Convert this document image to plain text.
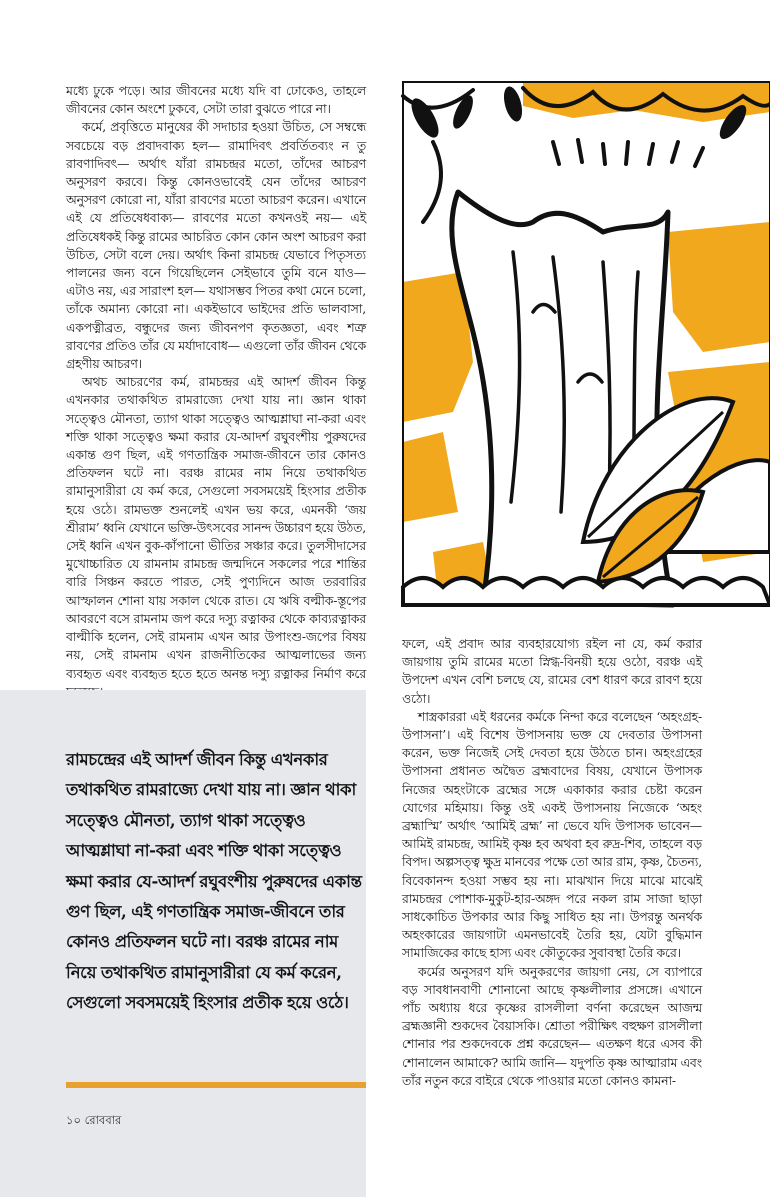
মধ্যে ঢুকে পড়ে। আর জীবনের মধ্যে যদি বা ঢোকেও, তাহলে জীবনের কোন অংশে ঢুকবে, সেটা তারা বুঝতে পারে না।

কর্মে, প্রবৃত্তিতে মানুষের কী সদাচার হওয়া উচিত, সে সম্বন্ধে সবচেয়ে বড় প্রবাদবাক্য হল— রামাদিবৎ প্রবর্তিতব্যং ন তু রাবণাদিবৎ— অর্থাৎ যাঁরা রামচন্দ্রর মতো, তাঁদের আচরণ অনুসরণ করবে। কিন্তু কোনওভাবেই যেন তাঁদের আচরণ অনুসরণ কোরো না, যাঁরা রাবণের মতো আচরণ করেন। এখানে এই যে প্রতিষেধবাক্য— রাবণের মতো কখনওই নয়— এই প্রতিষেধকই কিন্তু রামের আচরিত কোন কোন অংশ আচরণ করা উচিত, সেটা বলে দেয়। অর্থাৎ কিনা রামচন্দ্র যেভাবে পিতৃসত্য পালনের জন্য বনে গিয়েছিলেন সেইভাবে তুমি বনে যাও— এটাও নয়, এর সারাংশ হল— যথাসম্ভব পিতর কথা মেনে চলো, তাঁকে অমান্য কোরো না। একইভাবে ভাইদের প্রতি ভালবাসা, একপত্নীব্রত, বন্ধুদের জন্য জীবনপণ কৃতজ্ঞতা, এবং শত্রু রাবণের প্রতিও তাঁর যে মর্যাদাবোধ— এগুলো তাঁর জীবন থেকে গ্রহণীয় আচরণ।

অথচ আচরণের কর্ম, রামচন্দ্রর এই আদর্শ জীবন কিন্তু এখনকার তথাকথিত রামরাজ্যে দেখা যায় না। জ্ঞান থাকা সত্ত্বেও মৌনতা, ত্যাগ থাকা সত্ত্বেও আত্মশ্লাঘা না-করা এবং শক্তি থাকা সত্ত্বেও ক্ষমা করার যে-আদর্শ রঘুবংশীয় পুরুষদের একান্ত গুণ ছিল, এই গণতান্ত্রিক সমাজ-জীবনে তার কোনও প্রতিফলন ঘটে না। বরঞ্চ রামের নাম নিয়ে তথাকথিত রামানুসারীরা যে কর্ম করে, সেগুলো সবসময়েই হিংসার প্রতীক হয়ে ওঠে। রামভক্ত শুনলেই এখন ভয় করে, এমনকী ‘জয় শ্রীরাম’ ধ্বনি যেখানে ভক্তি-উৎসবের সানন্দ উচ্চারণ হয়ে উঠত, সেই ধ্বনি এখন বুক-কাঁপানো ভীতির সঞ্চার করে। তুলসীদাসের মুখোচ্চারিত যে রামনাম রামচন্দ্র জন্মদিনে সকলের পরে শান্তির বারি সিঞ্চন করতে পারত, সেই পুণ্যদিনে আজ তরবারির আস্ফালন শোনা যায় সকাল থেকে রাত। যে ঋষি বল্মীক-স্তূপের আবরণে বসে রামনাম জপ করে দস্যু রত্নাকর থেকে কাব্যরত্নাকর বাল্মীকি হলেন, সেই রামনাম এখন আর উপাংশু-জপের বিষয় নয়, সেই রামনাম এখন রাজনীতিকের আত্মলাভের জন্য ব্যবহৃত এবং ব্যবহৃত হতে হতে অনন্ত দস্যু রত্নাকর নির্মাণ করে

রামচন্দ্রের এই আদর্শ জীবন কিন্তু এখনকার তথাকথিত রামরাজ্যে দেখা যায় না। জ্ঞান থাকা সত্ত্বেও মৌনতা, ত্যাগ থাকা সত্ত্বেও আত্মশ্লাঘা না-করা এবং শক্তি থাকা সত্ত্বেও ক্ষমা করার যে-আদর্শ রঘুবংশীয় পুরুষদের একান্ত গুণ ছিল, এই গণতান্ত্রিক সমাজ-জীবনে তার কোনও প্রতিফলন ঘটে না। বরঞ্চ রামের নাম নিয়ে তথাকথিত রামানুসারীরা যে কর্ম করেন, সেগুলো সবসময়েই হিংসার প্রতীক হয়ে ওঠে।
১০ রোববার

ফলে, এই প্রবাদ আর ব্যবহারযোগ্য রইল না যে, কর্ম করার জায়গায় তুমি রামের মতো স্নিগ্ধ-বিনয়ী হয়ে ওঠো, বরঞ্চ এই উপদেশ এখন বেশি চলছে যে, রামের বেশ ধারণ করে রাবণ হয়ে ওঠো।

শাস্ত্রকাররা এই ধরনের কর্মকে নিন্দা করে বলেছেন ‘অহংগ্রহ-উপাসনা’। এই বিশেষ উপাসনায় ভক্ত যে দেবতার উপাসনা করেন, ভক্ত নিজেই সেই দেবতা হয়ে উঠতে চান। অহংগ্রহের উপাসনা প্রধানত অদ্বৈত ব্রহ্মবাদের বিষয়, যেখানে উপাসক নিজের অহংটাকে ব্রহ্মের সঙ্গে একাকার করার চেষ্টা করেন যোগের মহিমায়। কিন্তু ওই একই উপাসনায় নিজেকে ‘অহং ব্রহ্মাস্মি’ অর্থাৎ ‘আমিই ব্রহ্ম’ না ভেবে যদি উপাসক ভাবেন— আমিই রামচন্দ্র, আমিই কৃষ্ণ হব অথবা হব রুদ্র-শিব, তাহলে বড় বিপদ। অল্পসত্ত্ব ক্ষুদ্র মানবের পক্ষে তো আর রাম, কৃষ্ণ, চৈতন্য, বিবেকানন্দ হওয়া সম্ভব হয় না। মাঝখান দিয়ে মাঝে মাঝেই রামচন্দ্রর পোশাক-মুকুট-হার-অঙ্গদ পরে নকল রাম সাজা ছাড়া সাধকোচিত উপকার আর কিছু সাধিত হয় না। উপরন্তু অনর্থক অহংকারের জায়গাটা এমনভাবেই তৈরি হয়, যেটা বুদ্ধিমান সামাজিকের কাছে হাস্য এবং কৌতুকের সুবাবস্থা তৈরি করে।

কর্মের অনুসরণ যদি অনুকরণের জায়গা নেয়, সে ব্যাপারে বড় সাবধানবাণী শোনানো আছে কৃষ্ণলীলার প্রসঙ্গে। এখানে পাঁচ অধ্যায় ধরে কৃষ্ণের রাসলীলা বর্ণনা করেছেন আজন্ম ব্রহ্মজ্ঞানী শুকদেব বৈয়াসকি। শ্রোতা পরীক্ষিৎ বহুক্ষণ রাসলীলা শোনার পর শুকদেবকে প্রশ্ন করেছেন— এতক্ষণ ধরে এসব কী শোনালেন আমাকে? আমি জানি— যদুপতি কৃষ্ণ আত্মারাম এবং তাঁর নতুন করে বাইরে থেকে পাওয়ার মতো কোনও কামনা-
